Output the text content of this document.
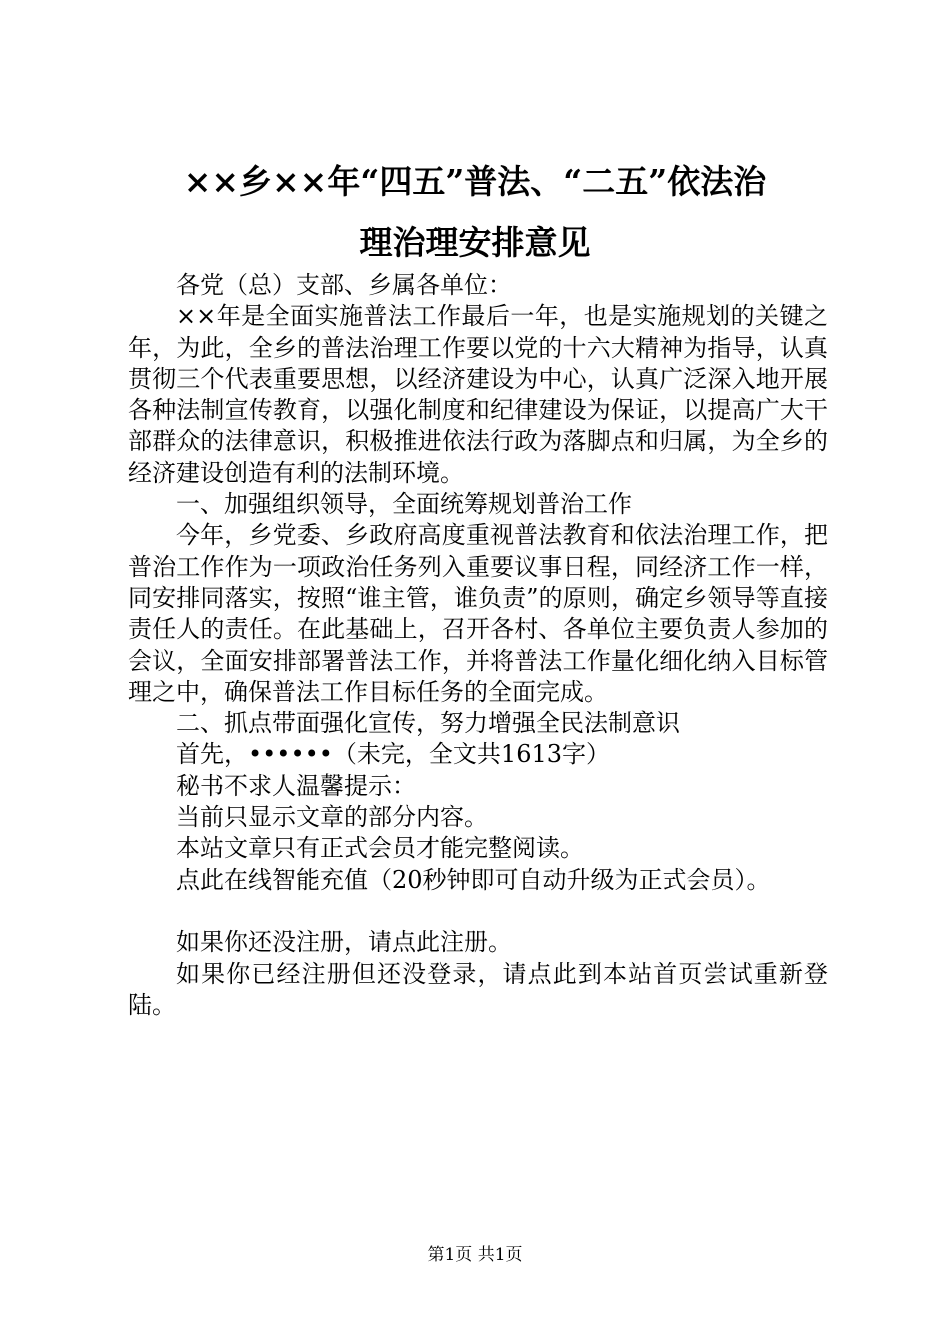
××乡××年“四五”普法、“二五”依法治
理治理安排意见

各党（总）支部、乡属各单位：

××年是全面实施普法工作最后一年，也是实施规划的关键之年，为此，全乡的普法治理工作要以党的十六大精神为指导，认真贯彻三个代表重要思想，以经济建设为中心，认真广泛深入地开展各种法制宣传教育，以强化制度和纪律建设为保证，以提高广大干部群众的法律意识，积极推进依法行政为落脚点和归属，为全乡的经济建设创造有利的法制环境。

一、加强组织领导，全面统筹规划普治工作

今年，乡党委、乡政府高度重视普法教育和依法治理工作，把普治工作作为一项政治任务列入重要议事日程，同经济工作一样，同安排同落实，按照“谁主管，谁负责”的原则，确定乡领导等直接责任人的责任。在此基础上，召开各村、各单位主要负责人参加的会议，全面安排部署普法工作，并将普法工作量化细化纳入目标管理之中，确保普法工作目标任务的全面完成。

二、抓点带面强化宣传，努力增强全民法制意识

首先，••••••（未完，全文共1613字）

秘书不求人温馨提示：

当前只显示文章的部分内容。

本站文章只有正式会员才能完整阅读。

点此在线智能充值（20秒钟即可自动升级为正式会员）。

如果你还没注册，请点此注册。

如果你已经注册但还没登录，请点此到本站首页尝试重新登陆。

第1页 共1页
